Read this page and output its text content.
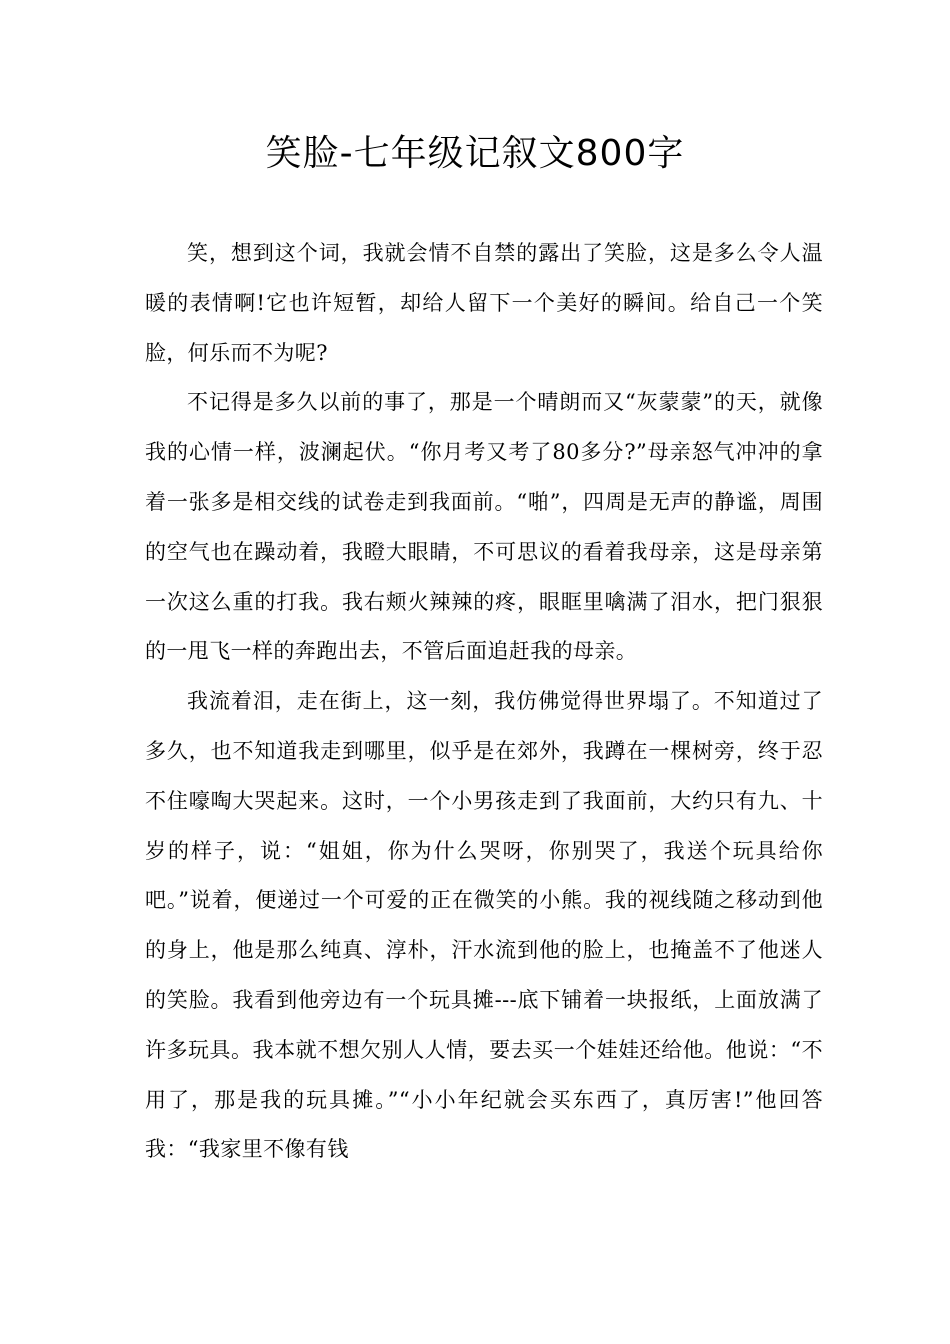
笑脸-七年级记叙文800字

笑，想到这个词，我就会情不自禁的露出了笑脸，这是多么令人温暖的表情啊!它也许短暂，却给人留下一个美好的瞬间。给自己一个笑脸，何乐而不为呢?

不记得是多久以前的事了，那是一个晴朗而又“灰蒙蒙”的天，就像我的心情一样，波澜起伏。“你月考又考了80多分?”母亲怒气冲冲的拿着一张多是相交线的试卷走到我面前。“啪”，四周是无声的静谧，周围的空气也在躁动着，我瞪大眼睛，不可思议的看着我母亲，这是母亲第一次这么重的打我。我右颊火辣辣的疼，眼眶里噙满了泪水，把门狠狠的一甩飞一样的奔跑出去，不管后面追赶我的母亲。

我流着泪，走在街上，这一刻，我仿佛觉得世界塌了。不知道过了多久，也不知道我走到哪里，似乎是在郊外，我蹲在一棵树旁，终于忍不住嚎啕大哭起来。这时，一个小男孩走到了我面前，大约只有九、十岁的样子，说：“姐姐，你为什么哭呀，你别哭了，我送个玩具给你吧。”说着，便递过一个可爱的正在微笑的小熊。我的视线随之移动到他的身上，他是那么纯真、淳朴，汗水流到他的脸上，也掩盖不了他迷人的笑脸。我看到他旁边有一个玩具摊---底下铺着一块报纸，上面放满了许多玩具。我本就不想欠别人人情，要去买一个娃娃还给他。他说：“不用了，那是我的玩具摊。”“小小年纪就会买东西了，真厉害!”他回答我：“我家里不像有钱
